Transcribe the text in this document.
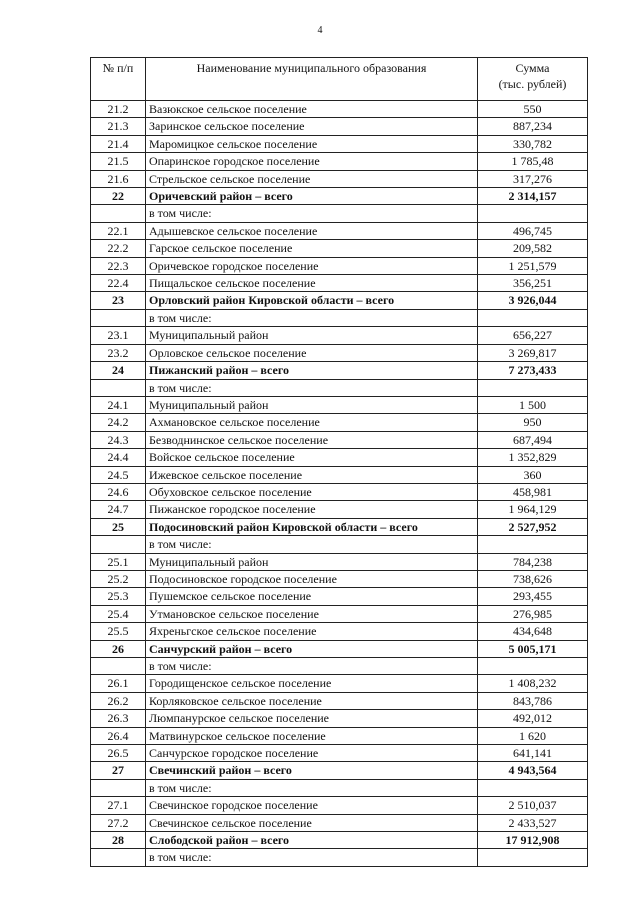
4
№ п/п	Наименование муниципального образования	Сумма
(тыс. рублей)
21.2	Вазюкское сельское поселение	550
21.3	Заринское сельское поселение	887,234
21.4	Маромицкое сельское поселение	330,782
21.5	Опаринское городское поселение	1 785,48
21.6	Стрельское сельское поселение	317,276
22	Оричевский район – всего	2 314,157
	в том числе:	
22.1	Адышевское сельское поселение	496,745
22.2	Гарское сельское поселение	209,582
22.3	Оричевское городское поселение	1 251,579
22.4	Пищальское сельское поселение	356,251
23	Орловский район Кировской области – всего	3 926,044
	в том числе:	
23.1	Муниципальный район	656,227
23.2	Орловское сельское поселение	3 269,817
24	Пижанский район – всего	7 273,433
	в том числе:	
24.1	Муниципальный район	1 500
24.2	Ахмановское сельское поселение	950
24.3	Безводнинское сельское поселение	687,494
24.4	Войское сельское поселение	1 352,829
24.5	Ижевское сельское поселение	360
24.6	Обуховское сельское поселение	458,981
24.7	Пижанское городское поселение	1 964,129
25	Подосиновский район Кировской области – всего	2 527,952
	в том числе:	
25.1	Муниципальный район	784,238
25.2	Подосиновское городское поселение	738,626
25.3	Пушемское сельское поселение	293,455
25.4	Утмановское сельское поселение	276,985
25.5	Яхреньгское сельское поселение	434,648
26	Санчурский район – всего	5 005,171
	в том числе:	
26.1	Городищенское сельское поселение	1 408,232
26.2	Корляковское сельское поселение	843,786
26.3	Люмпанурское сельское поселение	492,012
26.4	Матвинурское сельское поселение	1 620
26.5	Санчурское городское поселение	641,141
27	Свечинский район – всего	4 943,564
	в том числе:	
27.1	Свечинское городское поселение	2 510,037
27.2	Свечинское сельское поселение	2 433,527
28	Слободской район – всего	17 912,908
	в том числе:	
